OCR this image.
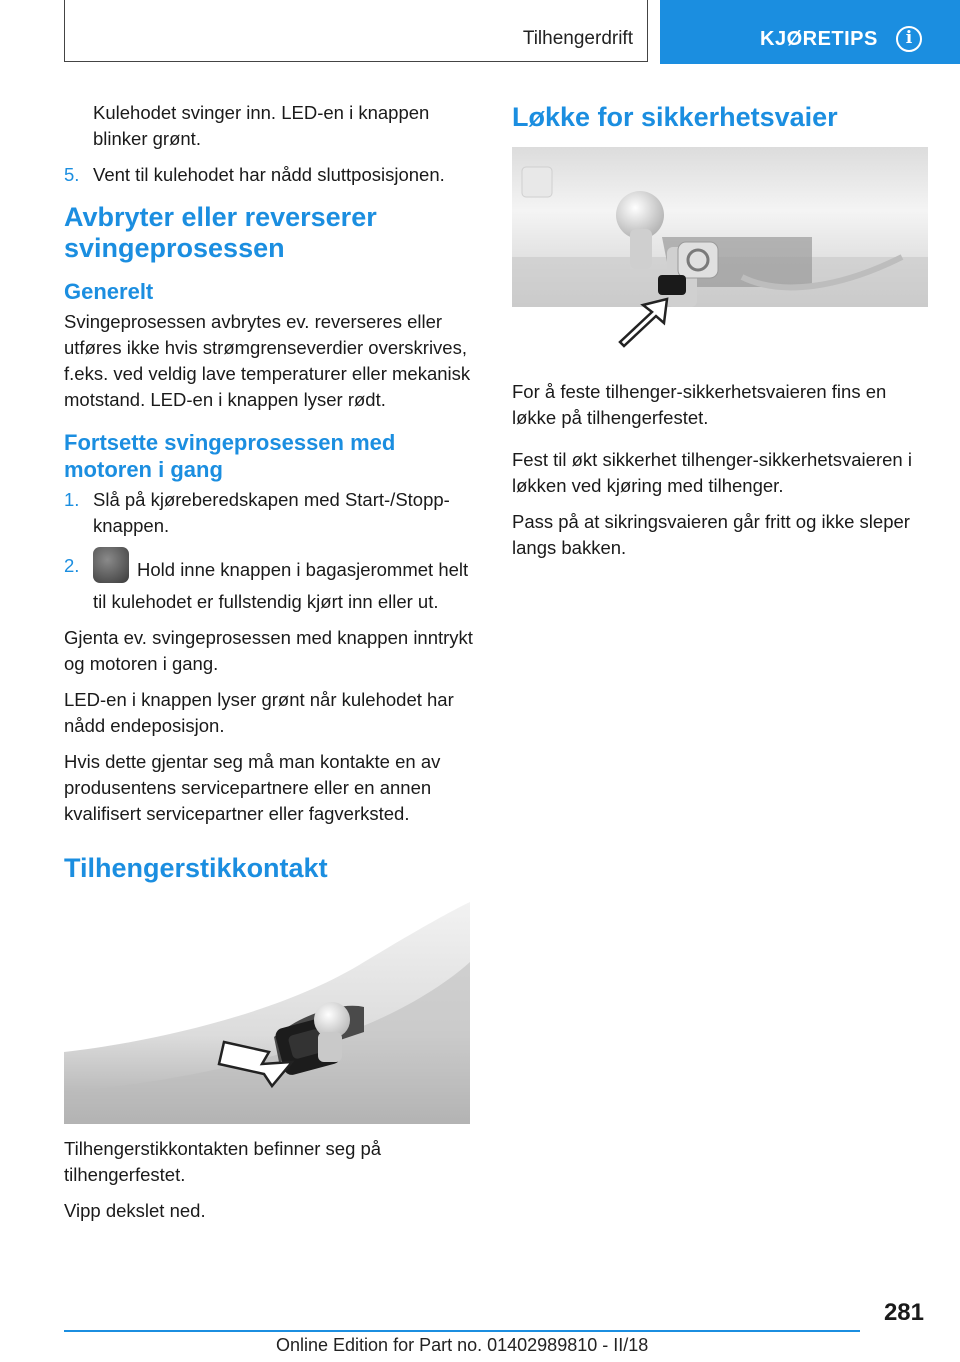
Tilhengerdrift	KJØRETIPS	i

Kulehodet svinger inn. LED-en i knappen blinker grønt.

5. Vent til kulehodet har nådd sluttposisjonen.
Avbryter eller reverserer svingeprosessen
Generelt

Svingeprosessen avbrytes ev. reverseres eller utføres ikke hvis strømgrenseverdier overskrives, f.eks. ved veldig lave temperaturer eller mekanisk motstand. LED-en i knappen lyser rødt.

Fortsette svingeprosessen med motoren i gang
1. Slå på kjøreberedskapen med Start-/Stopp-knappen.
2.	Hold inne knappen i bagasjerommet helt til kulehodet er fullstendig kjørt inn eller ut.

Gjenta ev. svingeprosessen med knappen inntrykt og motoren i gang.

LED-en i knappen lyser grønt når kulehodet har nådd endeposisjon.

Hvis dette gjentar seg må man kontakte en av produsentens servicepartnere eller en annen kvalifisert servicepartner eller fagverksted.

Tilhengerstikkontakt

Tilhengerstikkontakten befinner seg på tilhengerfestet.

Vipp dekslet ned.

Løkke for sikkerhetsvaier

For å feste tilhenger-sikkerhetsvaieren fins en løkke på tilhengerfestet.

Fest til økt sikkerhet tilhenger-sikkerhetsvaieren i løkken ved kjøring med tilhenger.

Pass på at sikringsvaieren går fritt og ikke sleper langs bakken.

281
Online Edition for Part no. 01402989810 - II/18
